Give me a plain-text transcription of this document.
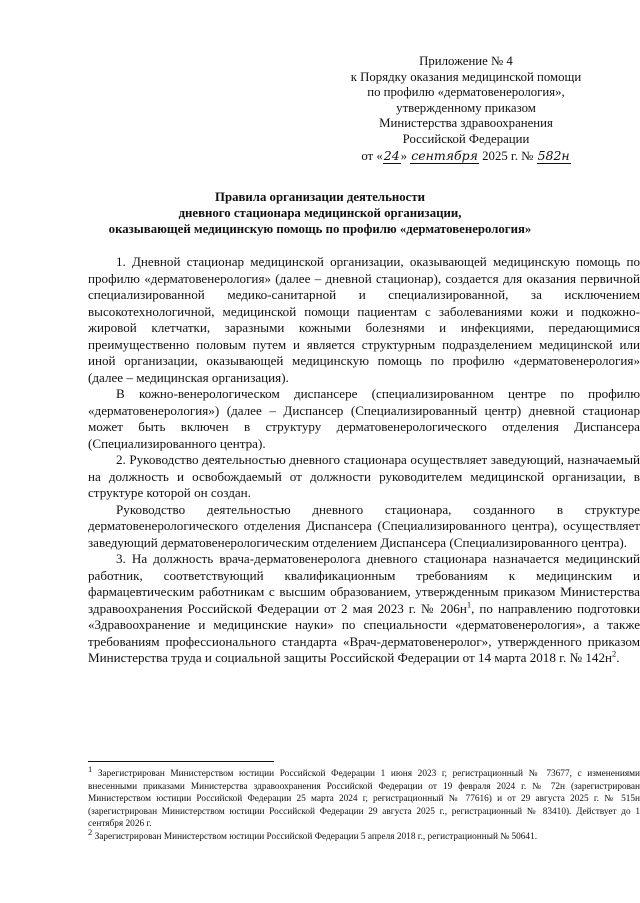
Приложение № 4
к Порядку оказания медицинской помощи
по профилю «дерматовенерология»,
утвержденному приказом
Министерства здравоохранения
Российской Федерации
от «24» сентября 2025 г. № 582н
Правила организации деятельности
дневного стационара медицинской организации,
оказывающей медицинскую помощь по профилю «дерматовенерология»

1. Дневной стационар медицинской организации, оказывающей медицинскую помощь по профилю «дерматовенерология» (далее – дневной стационар), создается для оказания первичной специализированной медико-санитарной и специализированной, за исключением высокотехнологичной, медицинской помощи пациентам с заболеваниями кожи и подкожно-жировой клетчатки, заразными кожными болезнями и инфекциями, передающимися преимущественно половым путем и является структурным подразделением медицинской или иной организации, оказывающей медицинскую помощь по профилю «дерматовенерология» (далее – медицинская организация).

В кожно-венерологическом диспансере (специализированном центре по профилю «дерматовенерология») (далее – Диспансер (Специализированный центр) дневной стационар может быть включен в структуру дерматовенерологического отделения Диспансера (Специализированного центра).

2. Руководство деятельностью дневного стационара осуществляет заведующий, назначаемый на должность и освобождаемый от должности руководителем медицинской организации, в структуре которой он создан.

Руководство деятельностью дневного стационара, созданного в структуре дерматовенерологического отделения Диспансера (Специализированного центра), осуществляет заведующий дерматовенерологическим отделением Диспансера (Специализированного центра).

3. На должность врача-дерматовенеролога дневного стационара назначается медицинский работник, соответствующий квалификационным требованиям к медицинским и фармацевтическим работникам с высшим образованием, утвержденным приказом Министерства здравоохранения Российской Федерации от 2 мая 2023 г. № $206н^1$, по направлению подготовки «Здравоохранение и медицинские науки» по специальности «дерматовенерология», а также требованиям профессионального стандарта «Врач-дерматовенеролог», утвержденного приказом Министерства труда и социальной защиты Российской Федерации от 14 марта 2018 г. № $142н^2$.

$^1$ Зарегистрирован Министерством юстиции Российской Федерации 1 июня 2023 г, регистрационный № 73677, с изменениями внесенными приказами Министерства здравоохранения Российской Федерации от 19 февраля 2024 г. № 72н (зарегистрирован Министерством юстиции Российской Федерации 25 марта 2024 г, регистрационный № 77616) и от 29 августа 2025 г. № 515н (зарегистрирован Министерством юстиции Российской Федерации 29 августа 2025 г., регистрационный № 83410). Действует до 1 сентября 2026 г.

$^2$ Зарегистрирован Министерством юстиции Российской Федерации 5 апреля 2018 г., регистрационный № 50641.
